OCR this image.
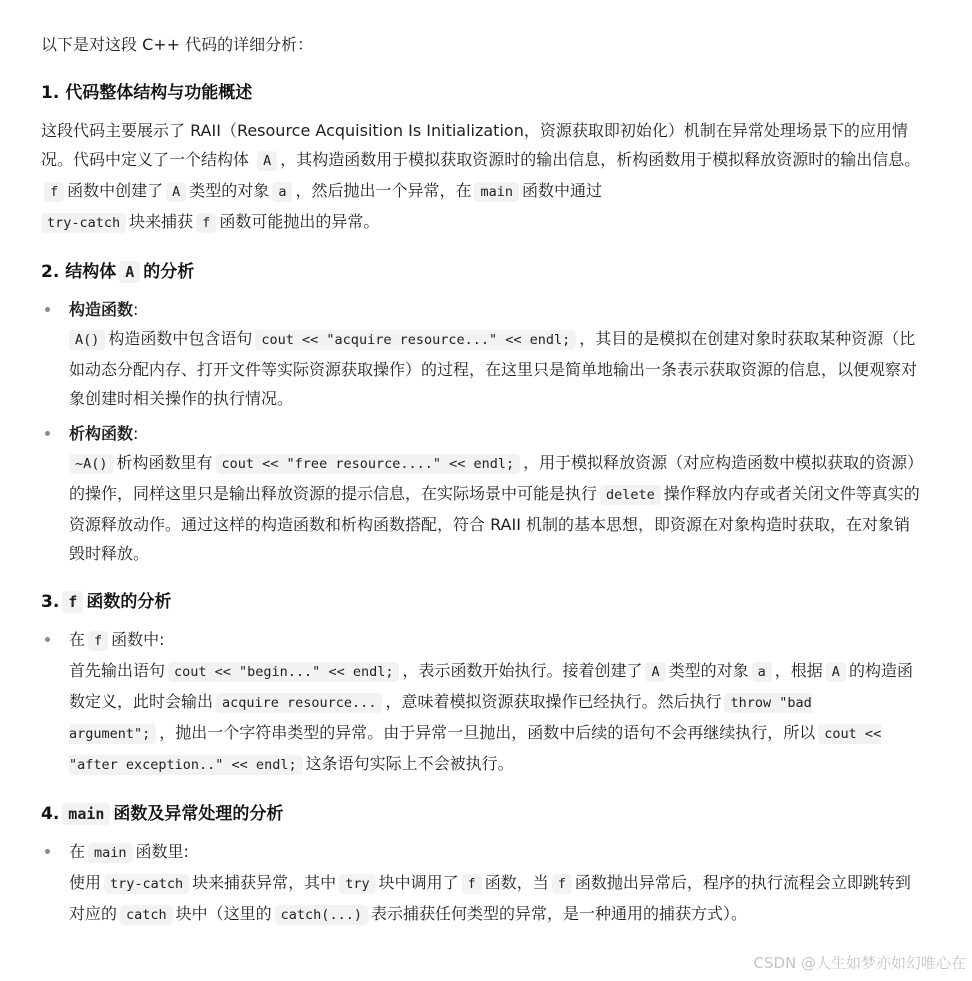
以下是对这段 C++ 代码的详细分析：

1. 代码整体结构与功能概述

这段代码主要展示了 RAII（Resource Acquisition Is Initialization，资源获取即初始化）机制在异常处理场景下的应用情况。代码中定义了一个结构体 A ，其构造函数用于模拟获取资源时的输出信息，析构函数用于模拟释放资源时的输出信息。f 函数中创建了 A 类型的对象 a ，然后抛出一个异常，在 main 函数中通过
try-catch 块来捕获 f 函数可能抛出的异常。

2. 结构体 A 的分析
构造函数:
A() 构造函数中包含语句 cout << "acquire resource..." << endl; ，其目的是模拟在创建对象时获取某种资源（比如动态分配内存、打开文件等实际资源获取操作）的过程，在这里只是简单地输出一条表示获取资源的信息，以便观察对象创建时相关操作的执行情况。
析构函数:
~A() 析构函数里有 cout << "free resource...." << endl; ，用于模拟释放资源（对应构造函数中模拟获取的资源）的操作，同样这里只是输出释放资源的提示信息，在实际场景中可能是执行 delete 操作释放内存或者关闭文件等真实的资源释放动作。通过这样的构造函数和析构函数搭配，符合 RAII 机制的基本思想，即资源在对象构造时获取，在对象销毁时释放。
3. f 函数的分析
在 f 函数中:
首先输出语句 cout << "begin..." << endl; ，表示函数开始执行。接着创建了 A 类型的对象 a ，根据 A 的构造函数定义，此时会输出 acquire resource... ，意味着模拟资源获取操作已经执行。然后执行 throw "bad argument"; ，抛出一个字符串类型的异常。由于异常一旦抛出，函数中后续的语句不会再继续执行，所以 cout << "after exception.." << endl; 这条语句实际上不会被执行。
4. main 函数及异常处理的分析
在 main 函数里:
使用 try-catch 块来捕获异常，其中 try 块中调用了 f 函数，当 f 函数抛出异常后，程序的执行流程会立即跳转到对应的 catch 块中（这里的 catch(...) 表示捕获任何类型的异常，是一种通用的捕获方式）。
CSDN @人生如梦亦如幻唯心在
